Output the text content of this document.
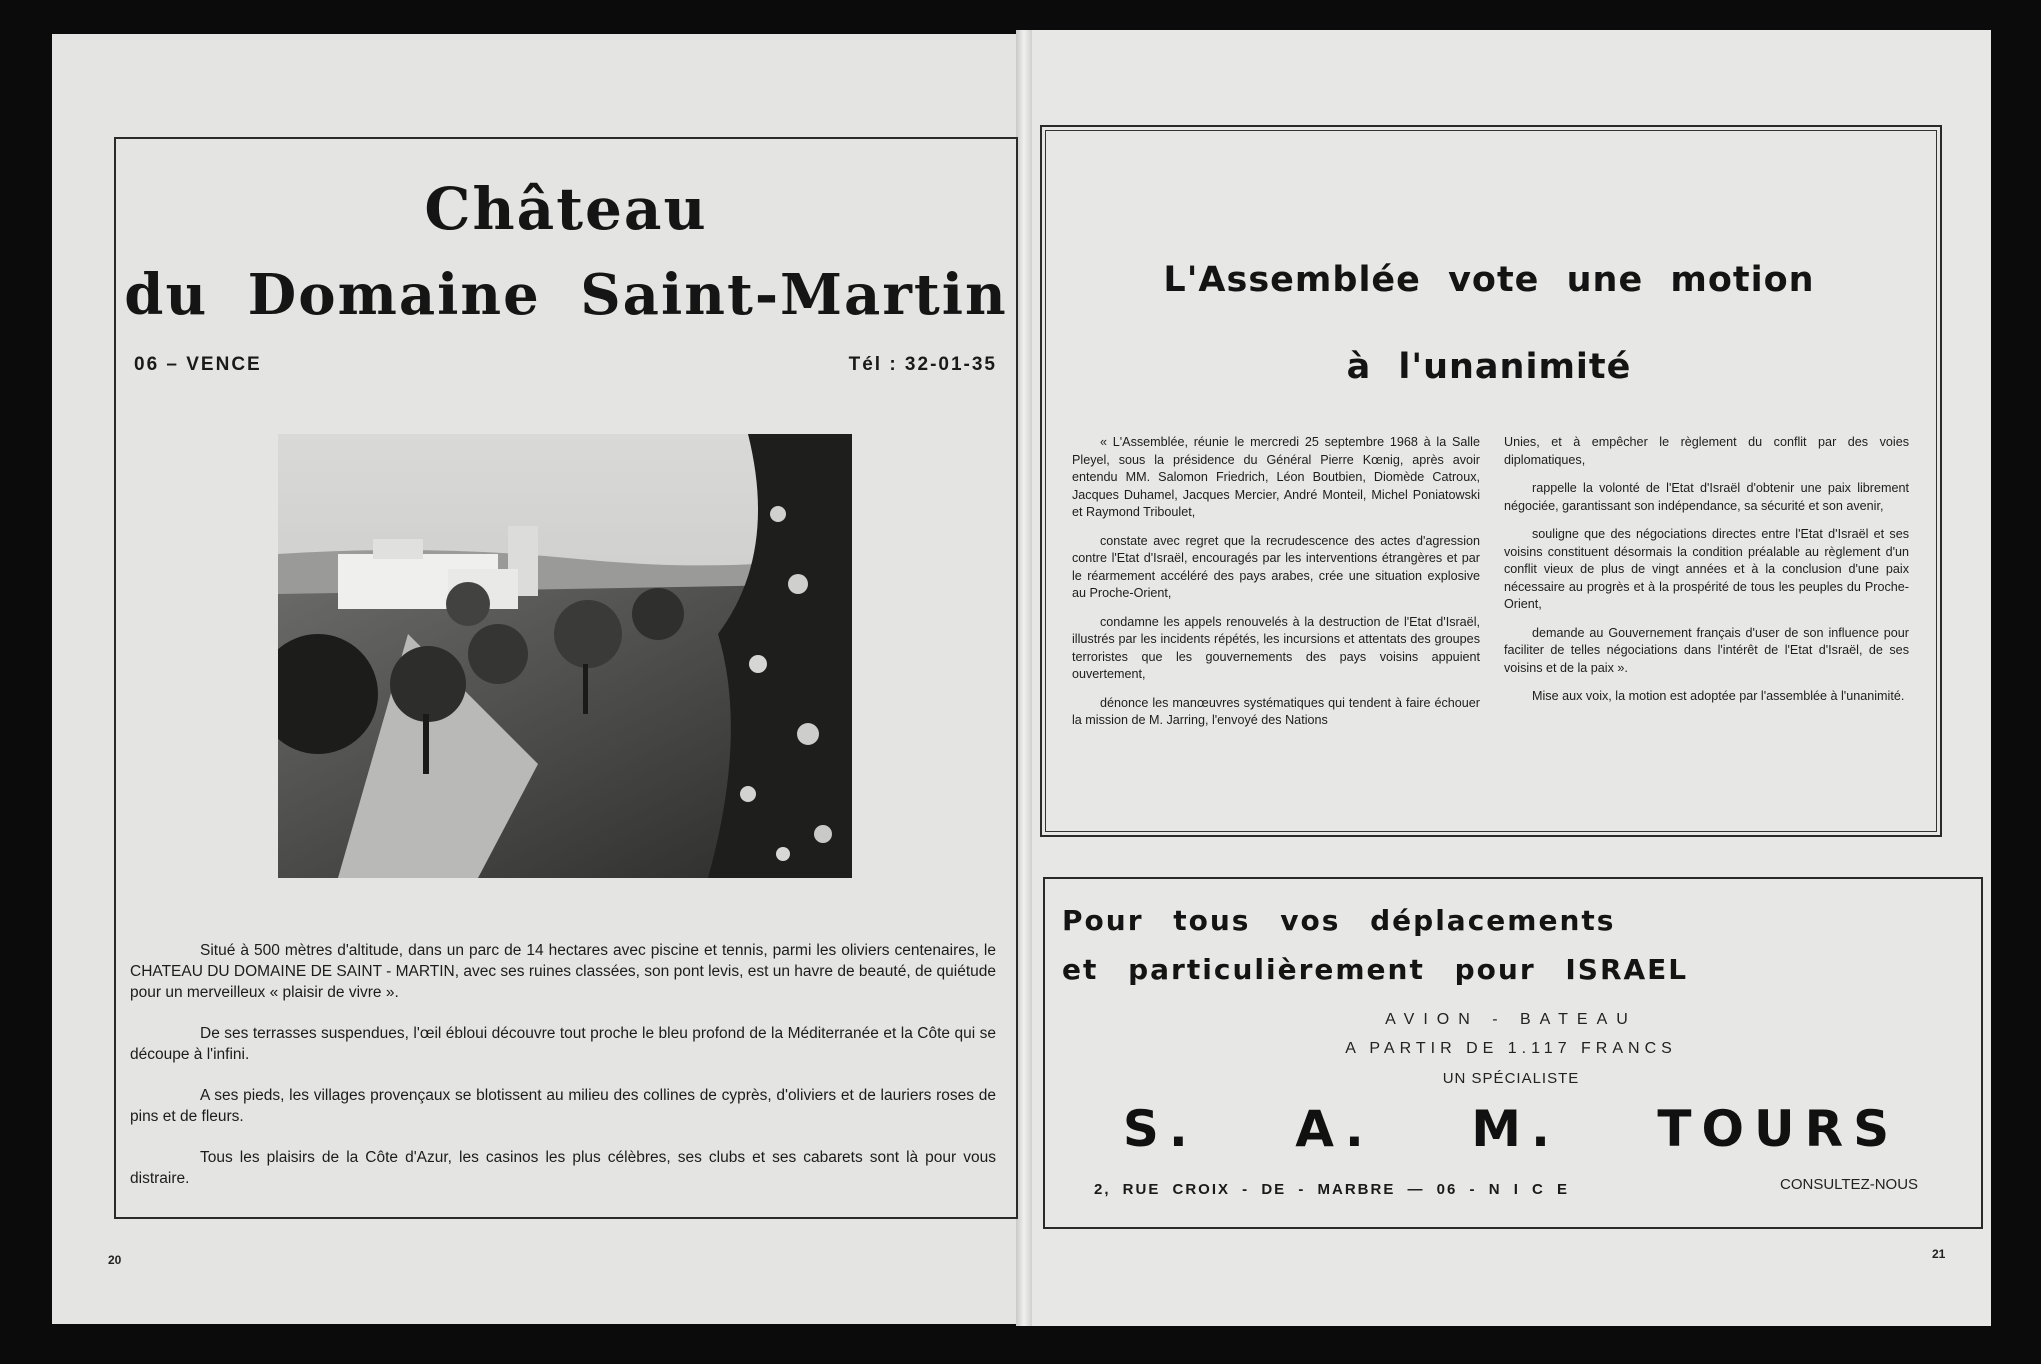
Château
du Domaine Saint-Martin
06 – VENCE	Tél : 32-01-35

Situé à 500 mètres d'altitude, dans un parc de 14 hectares avec piscine et tennis, parmi les oliviers centenaires, le CHATEAU DU DOMAINE DE SAINT - MARTIN, avec ses ruines classées, son pont levis, est un havre de beauté, de quiétude pour un merveilleux « plaisir de vivre ».

De ses terrasses suspendues, l'œil ébloui découvre tout proche le bleu profond de la Méditerranée et la Côte qui se découpe à l'infini.

A ses pieds, les villages provençaux se blotissent au milieu des collines de cyprès, d'oliviers et de lauriers roses de pins et de fleurs.

Tous les plaisirs de la Côte d'Azur, les casinos les plus célèbres, ses clubs et ses cabarets sont là pour vous distraire.

20
L'Assemblée vote une motion
à l'unanimité

« L'Assemblée, réunie le mercredi 25 septembre 1968 à la Salle Pleyel, sous la présidence du Général Pierre Kœnig, après avoir entendu MM. Salomon Friedrich, Léon Boutbien, Diomède Catroux, Jacques Duhamel, Jacques Mercier, André Monteil, Michel Poniatowski et Raymond Triboulet,

constate avec regret que la recrudescence des actes d'agression contre l'Etat d'Israël, encouragés par les interventions étrangères et par le réarmement accéléré des pays arabes, crée une situation explosive au Proche-Orient,

condamne les appels renouvelés à la destruction de l'Etat d'Israël, illustrés par les incidents répétés, les incursions et attentats des groupes terroristes que les gouvernements des pays voisins appuient ouvertement,

dénonce les manœuvres systématiques qui tendent à faire échouer la mission de M. Jarring, l'envoyé des Nations

Unies, et à empêcher le règlement du conflit par des voies diplomatiques,

rappelle la volonté de l'Etat d'Israël d'obtenir une paix librement négociée, garantissant son indépendance, sa sécurité et son avenir,

souligne que des négociations directes entre l'Etat d'Israël et ses voisins constituent désormais la condition préalable au règlement d'un conflit vieux de plus de vingt années et à la conclusion d'une paix nécessaire au progrès et à la prospérité de tous les peuples du Proche-Orient,

demande au Gouvernement français d'user de son influence pour faciliter de telles négociations dans l'intérêt de l'Etat d'Israël, de ses voisins et de la paix ».

Mise aux voix, la motion est adoptée par l'assemblée à l'unanimité.

Pour tous vos déplacements
et particulièrement pour ISRAEL
AVION - BATEAU
A PARTIR DE 1.117 FRANCS
UN SPÉCIALISTE
S. A. M. TOURS
2, RUE CROIX - DE - MARBRE — 06 - N I C E	CONSULTEZ-NOUS
21
